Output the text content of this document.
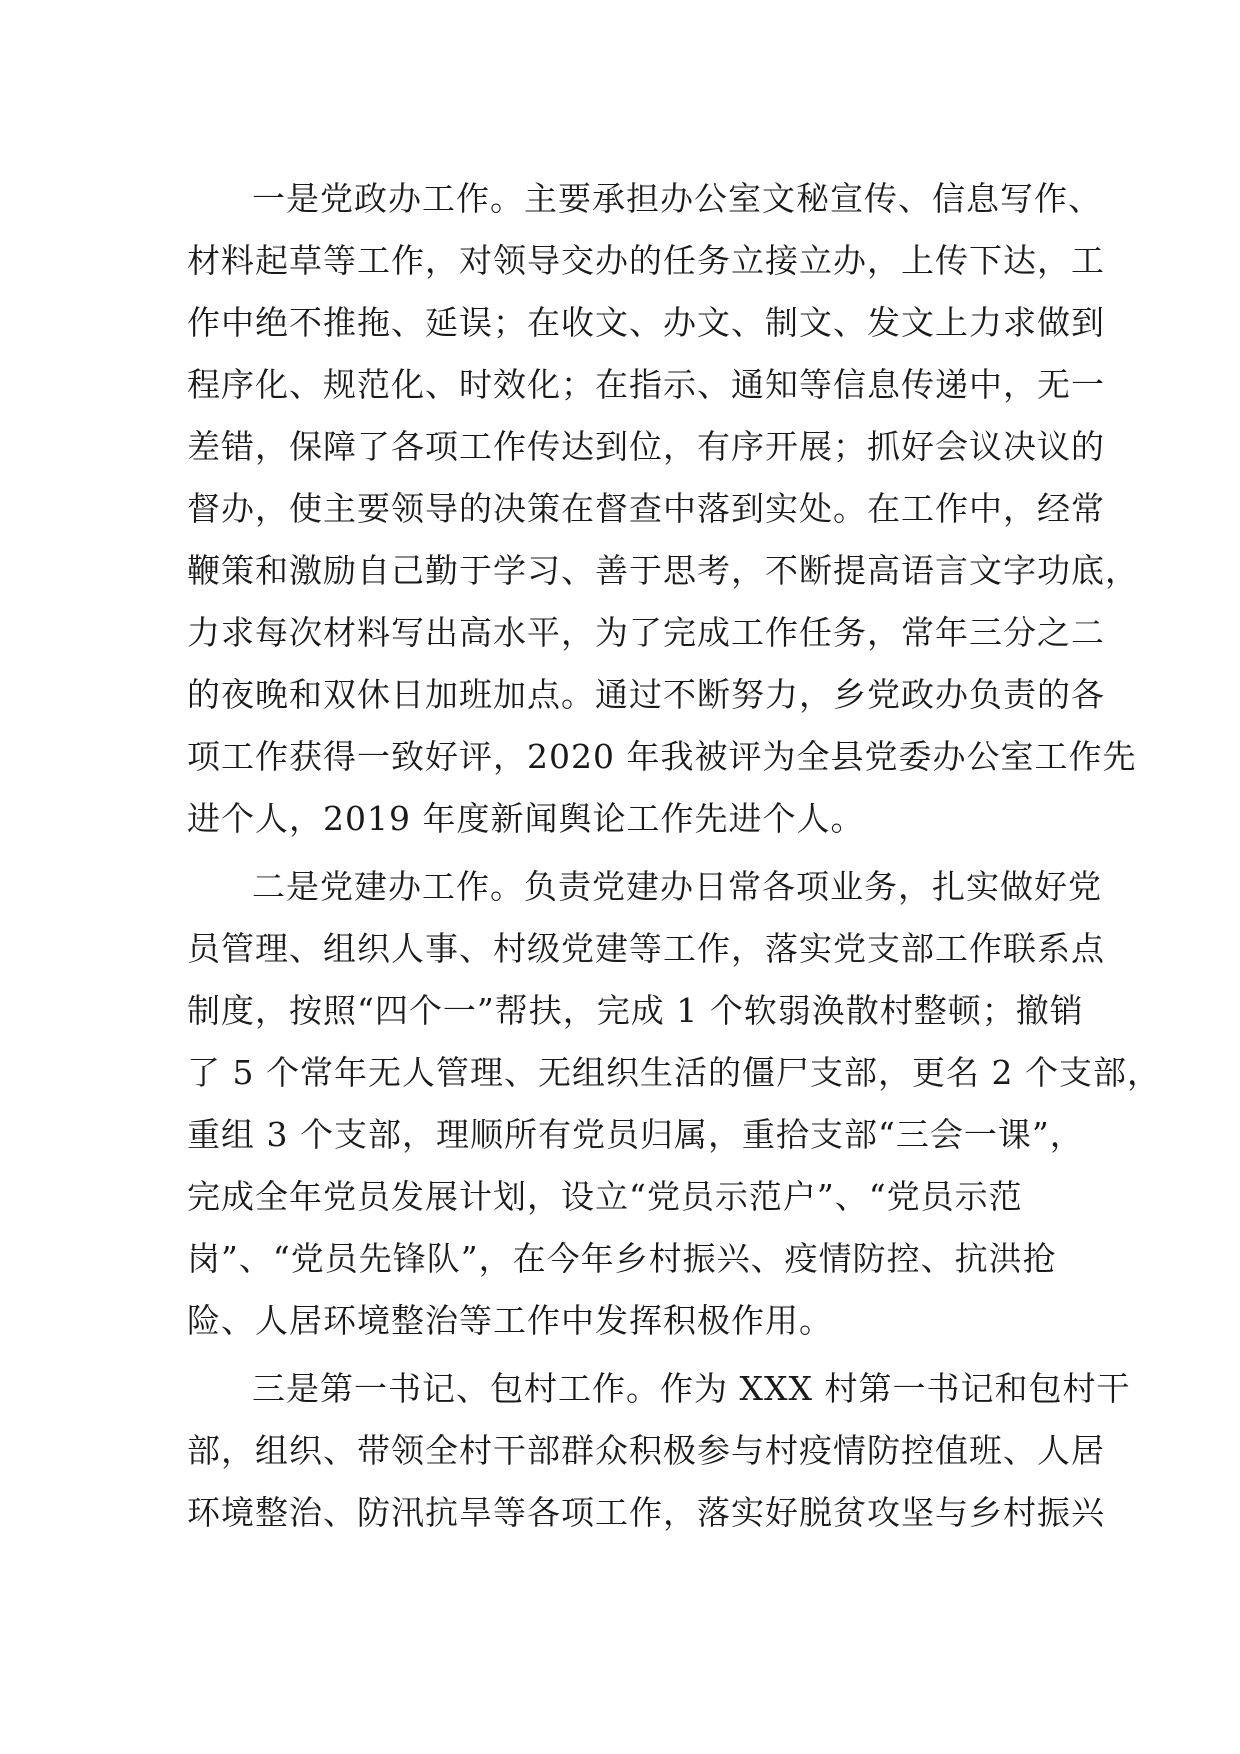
一是党政办工作。主要承担办公室文秘宣传、信息写作、
材料起草等工作，对领导交办的任务立接立办，上传下达，工
作中绝不推拖、延误；在收文、办文、制文、发文上力求做到
程序化、规范化、时效化；在指示、通知等信息传递中，无一
差错，保障了各项工作传达到位，有序开展；抓好会议决议的
督办，使主要领导的决策在督查中落到实处。在工作中，经常
鞭策和激励自己勤于学习、善于思考，不断提高语言文字功底，
力求每次材料写出高水平，为了完成工作任务，常年三分之二
的夜晚和双休日加班加点。通过不断努力，乡党政办负责的各
项工作获得一致好评，2020 年我被评为全县党委办公室工作先
进个人，2019 年度新闻舆论工作先进个人。
二是党建办工作。负责党建办日常各项业务，扎实做好党
员管理、组织人事、村级党建等工作，落实党支部工作联系点
制度，按照“四个一”帮扶，完成 1 个软弱涣散村整顿；撤销
了 5 个常年无人管理、无组织生活的僵尸支部，更名 2 个支部，
重组 3 个支部，理顺所有党员归属，重拾支部“三会一课”，
完成全年党员发展计划，设立“党员示范户”、“党员示范
岗”、“党员先锋队”，在今年乡村振兴、疫情防控、抗洪抢
险、人居环境整治等工作中发挥积极作用。
三是第一书记、包村工作。作为 XXX 村第一书记和包村干
部，组织、带领全村干部群众积极参与村疫情防控值班、人居
环境整治、防汛抗旱等各项工作，落实好脱贫攻坚与乡村振兴
